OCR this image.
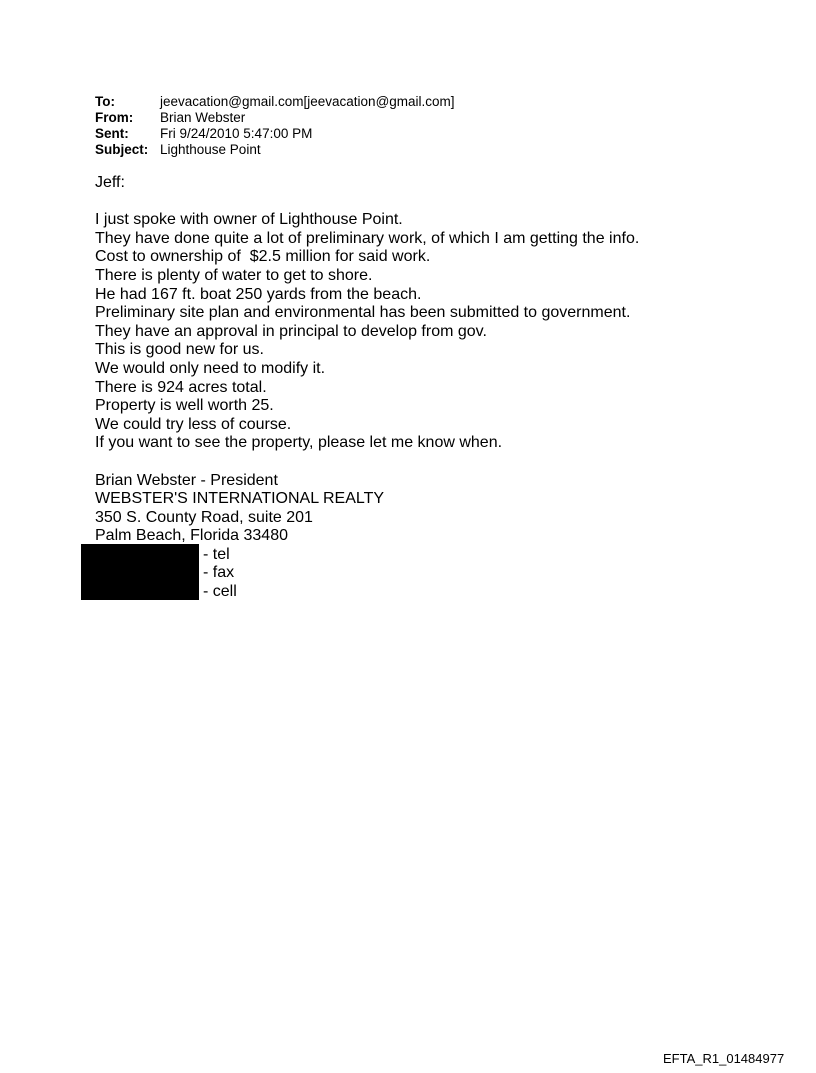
To:	jeevacation@gmail.com[jeevacation@gmail.com]
From:	Brian Webster
Sent:	Fri 9/24/2010 5:47:00 PM
Subject: Lighthouse Point
Jeff:
I just spoke with owner of Lighthouse Point.
They have done quite a lot of preliminary work, of which I am getting the info.
Cost to ownership of  $2.5 million for said work.
There is plenty of water to get to shore.
He had 167 ft. boat 250 yards from the beach.
Preliminary site plan and environmental has been submitted to government.
They have an approval in principal to develop from gov.
This is good new for us.
We would only need to modify it.
There is 924 acres total.
Property is well worth 25.
We could try less of course.
If you want to see the property, please let me know when.
Brian Webster - President
WEBSTER'S INTERNATIONAL REALTY
350 S. County Road, suite 201
Palm Beach, Florida 33480
- tel
- fax
- cell
EFTA_R1_01484977
